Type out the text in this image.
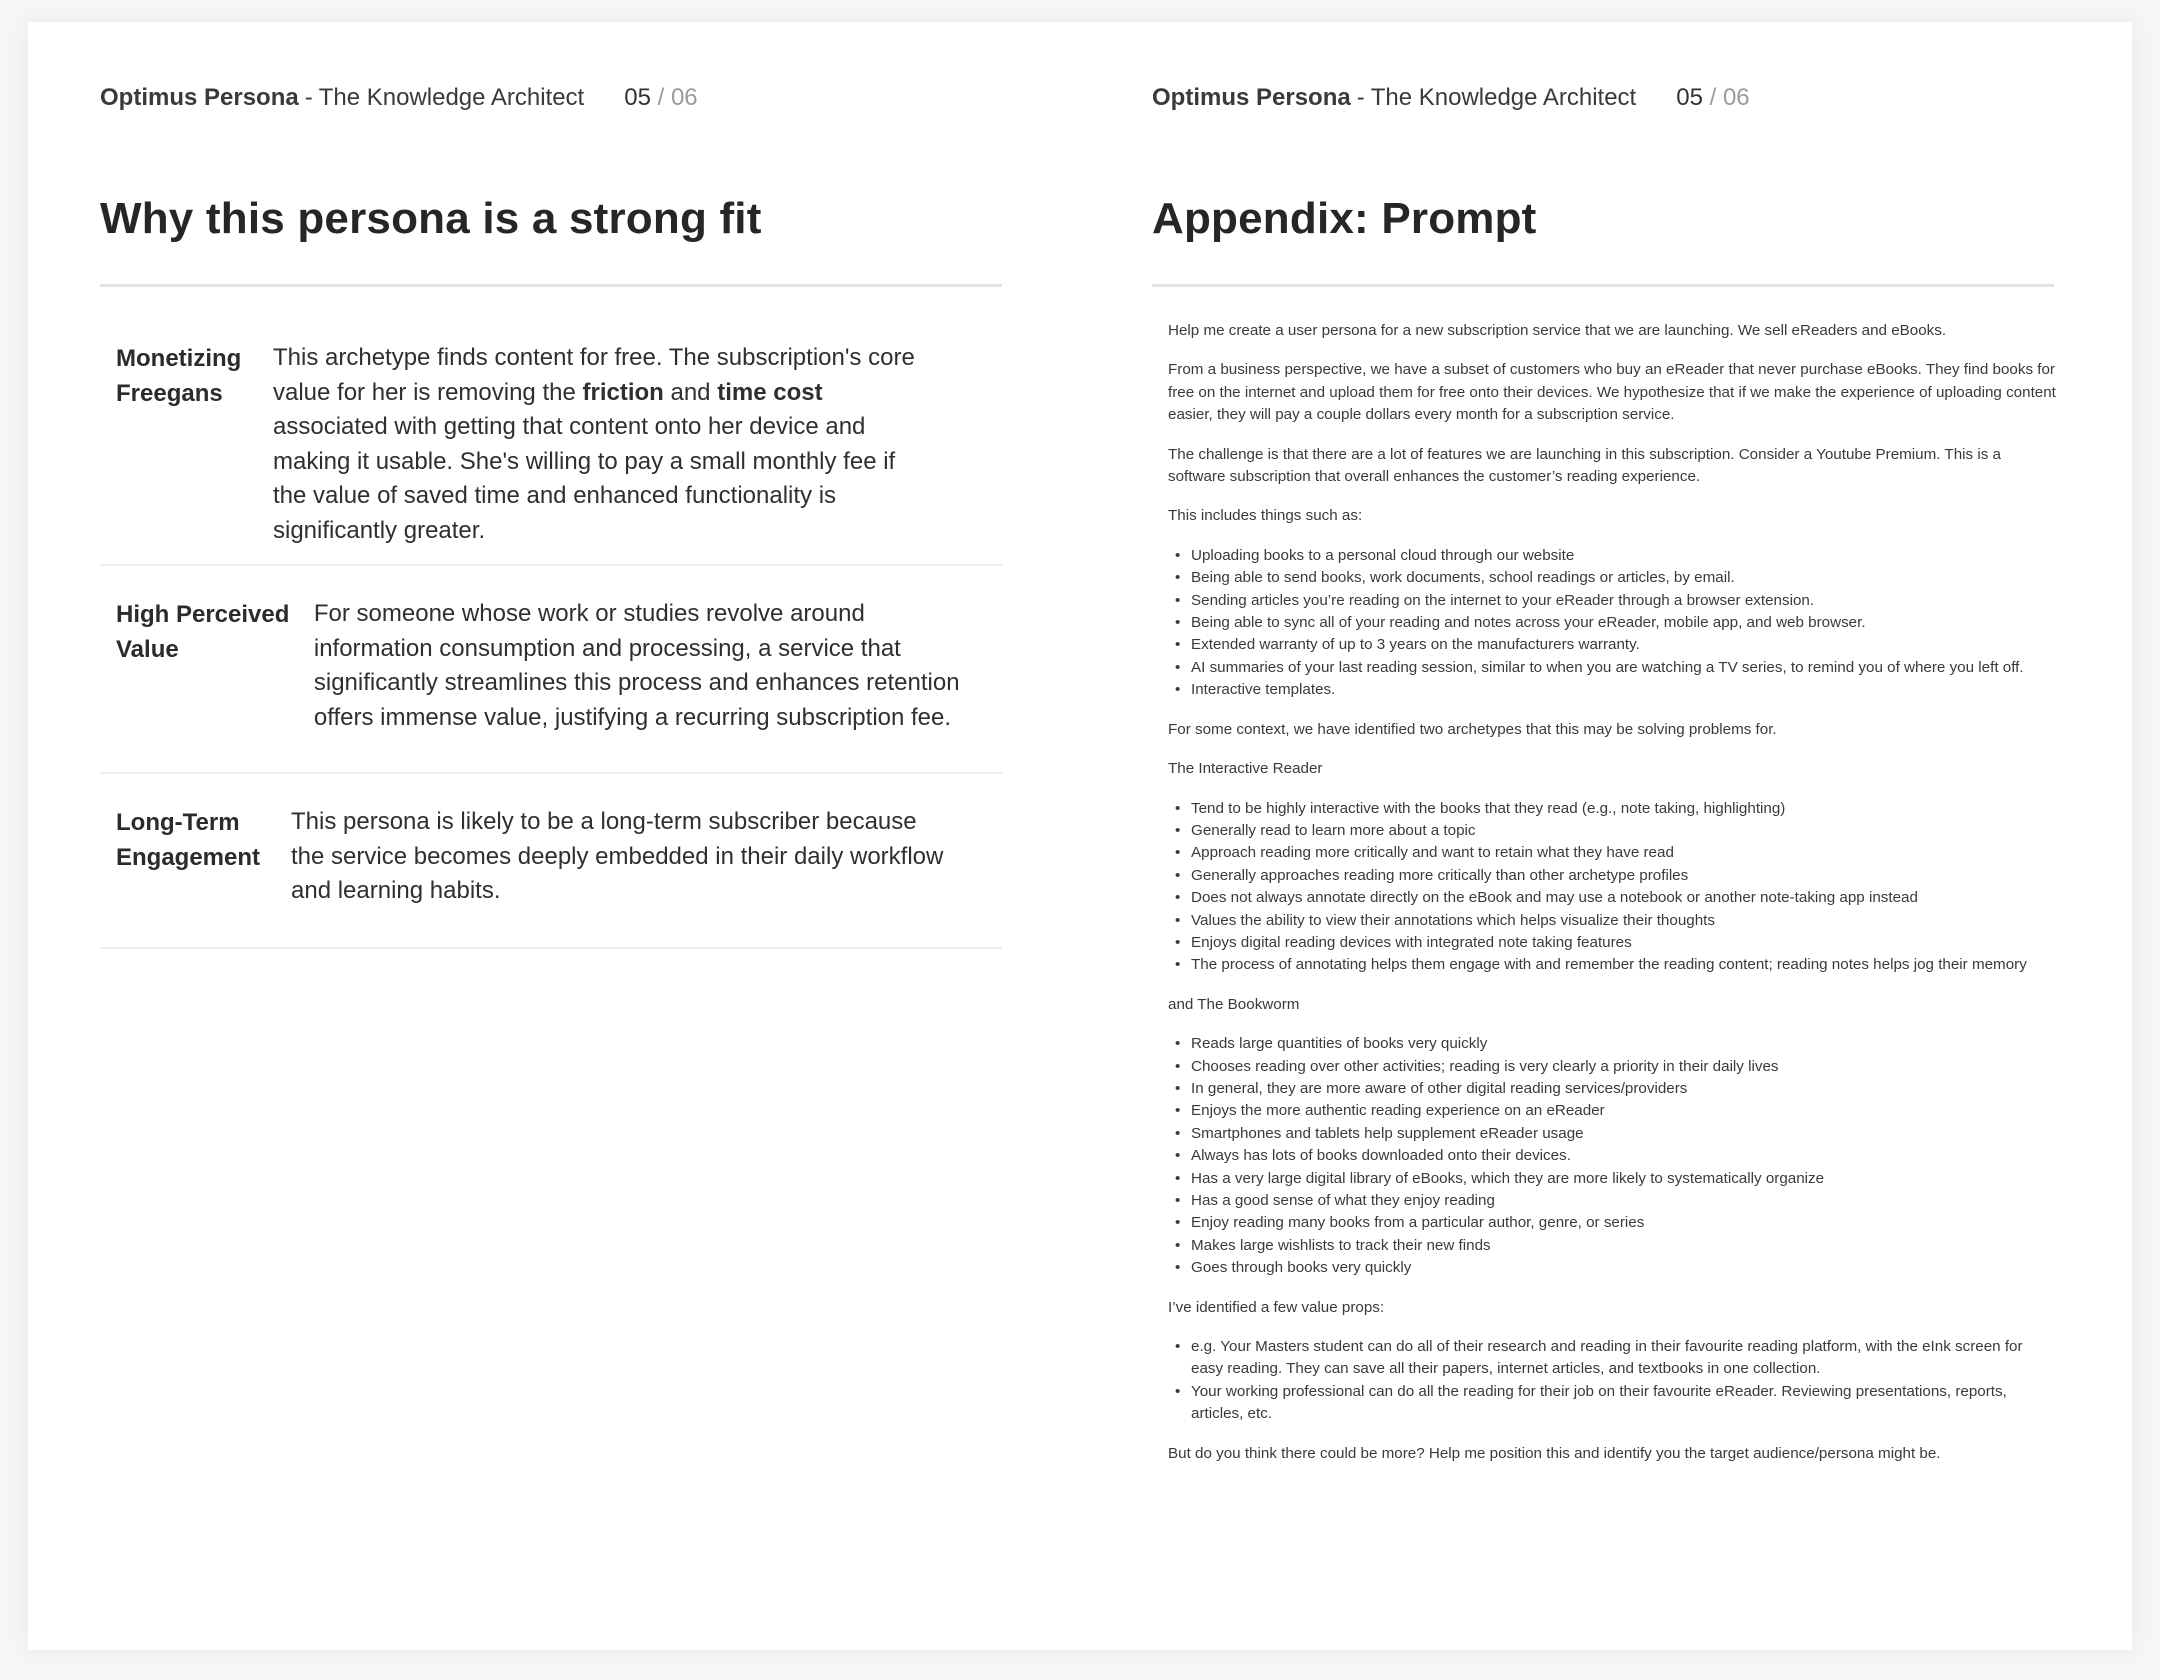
Optimus Persona - The Knowledge Architect 05 / 06
Why this persona is a strong fit
Monetizing
Freegans
This archetype finds content for free. The subscription's core value for her is removing the friction and time cost associated with getting that content onto her device and making it usable. She's willing to pay a small monthly fee if the value of saved time and enhanced functionality is significantly greater.
High Perceived
Value
For someone whose work or studies revolve around information consumption and processing, a service that significantly streamlines this process and enhances retention offers immense value, justifying a recurring subscription fee.
Long-Term
Engagement
This persona is likely to be a long-term subscriber because the service becomes deeply embedded in their daily workflow and learning habits.
Optimus Persona - The Knowledge Architect 05 / 06
Appendix: Prompt

Help me create a user persona for a new subscription service that we are launching. We sell eReaders and eBooks.

From a business perspective, we have a subset of customers who buy an eReader that never purchase eBooks. They find books for free on the internet and upload them for free onto their devices. We hypothesize that if we make the experience of uploading content easier, they will pay a couple dollars every month for a subscription service.

The challenge is that there are a lot of features we are launching in this subscription. Consider a Youtube Premium. This is a software subscription that overall enhances the customer’s reading experience.

This includes things such as:

• Uploading books to a personal cloud through our website
• Being able to send books, work documents, school readings or articles, by email.
• Sending articles you’re reading on the internet to your eReader through a browser extension.
• Being able to sync all of your reading and notes across your eReader, mobile app, and web browser.
• Extended warranty of up to 3 years on the manufacturers warranty.
• AI summaries of your last reading session, similar to when you are watching a TV series, to remind you of where you left off.
• Interactive templates.

For some context, we have identified two archetypes that this may be solving problems for.

The Interactive Reader

• Tend to be highly interactive with the books that they read (e.g., note taking, highlighting)
• Generally read to learn more about a topic
• Approach reading more critically and want to retain what they have read
• Generally approaches reading more critically than other archetype profiles
• Does not always annotate directly on the eBook and may use a notebook or another note-taking app instead
• Values the ability to view their annotations which helps visualize their thoughts
• Enjoys digital reading devices with integrated note taking features
• The process of annotating helps them engage with and remember the reading content; reading notes helps jog their memory

and The Bookworm

• Reads large quantities of books very quickly
• Chooses reading over other activities; reading is very clearly a priority in their daily lives
• In general, they are more aware of other digital reading services/providers
• Enjoys the more authentic reading experience on an eReader
• Smartphones and tablets help supplement eReader usage
• Always has lots of books downloaded onto their devices.
• Has a very large digital library of eBooks, which they are more likely to systematically organize
• Has a good sense of what they enjoy reading
• Enjoy reading many books from a particular author, genre, or series
• Makes large wishlists to track their new finds
• Goes through books very quickly

I’ve identified a few value props:

• e.g. Your Masters student can do all of their research and reading in their favourite reading platform, with the eInk screen for easy reading. They can save all their papers, internet articles, and textbooks in one collection.
• Your working professional can do all the reading for their job on their favourite eReader. Reviewing presentations, reports, articles, etc.

But do you think there could be more? Help me position this and identify you the target audience/persona might be.
